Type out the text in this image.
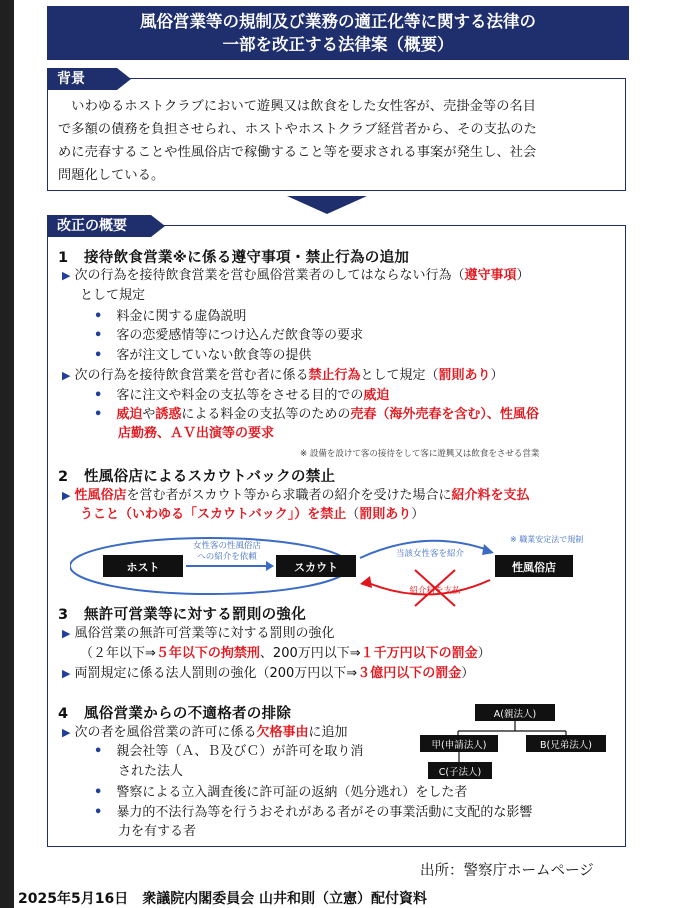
風俗営業等の規制及び業務の適正化等に関する法律の
一部を改正する法律案（概要）
　いわゆるホストクラブにおいて遊興又は飲食をした女性客が、売掛金等の名目
で多額の債務を負担させられ、ホストやホストクラブ経営者から、その支払のた
めに売春することや性風俗店で稼働すること等を要求される事案が発生し、社会
問題化している。
背景
改正の概要
1 接待飲食営業※に係る遵守事項・禁止行為の追加
▶ 次の行為を接待飲食営業を営む風俗営業者のしてはならない行為（遵守事項）
として規定
• 料金に関する虚偽説明
• 客の恋愛感情等につけ込んだ飲食等の要求
• 客が注文していない飲食等の提供
▶ 次の行為を接待飲食営業を営む者に係る禁止行為として規定（罰則あり）
• 客に注文や料金の支払等をさせる目的での威迫
• 威迫や誘惑による料金の支払等のための売春（海外売春を含む）、性風俗
店勤務、ＡＶ出演等の要求
※ 設備を設けて客の接待をして客に遊興又は飲食をさせる営業
2 性風俗店によるスカウトバックの禁止
▶ 性風俗店を営む者がスカウト等から求職者の紹介を受けた場合に紹介料を支払
うこと（いわゆる「スカウトバック」）を禁止（罰則あり）
ホスト
女性客の性風俗店
への紹介を依頼
スカウト
当該女性客を紹介
※ 職業安定法で規制
性風俗店
紹介料を支払
3 無許可営業等に対する罰則の強化
▶ 風俗営業の無許可営業等に対する罰則の強化
（２年以下⇒５年以下の拘禁刑、200万円以下⇒１千万円以下の罰金）
▶ 両罰規定に係る法人罰則の強化（200万円以下⇒３億円以下の罰金）
4 風俗営業からの不適格者の排除
▶ 次の者を風俗営業の許可に係る欠格事由に追加
• 親会社等（Ａ、Ｂ及びＣ）が許可を取り消
された法人
• 警察による立入調査後に許可証の返納（処分逃れ）をした者
• 暴力的不法行為等を行うおそれがある者がその事業活動に支配的な影響
力を有する者
A(親法人)
甲(申請法人)	B(兄弟法人)
C(子法人)
出所：警察庁ホームページ
2025年5月16日　衆議院内閣委員会 山井和則（立憲）配付資料
